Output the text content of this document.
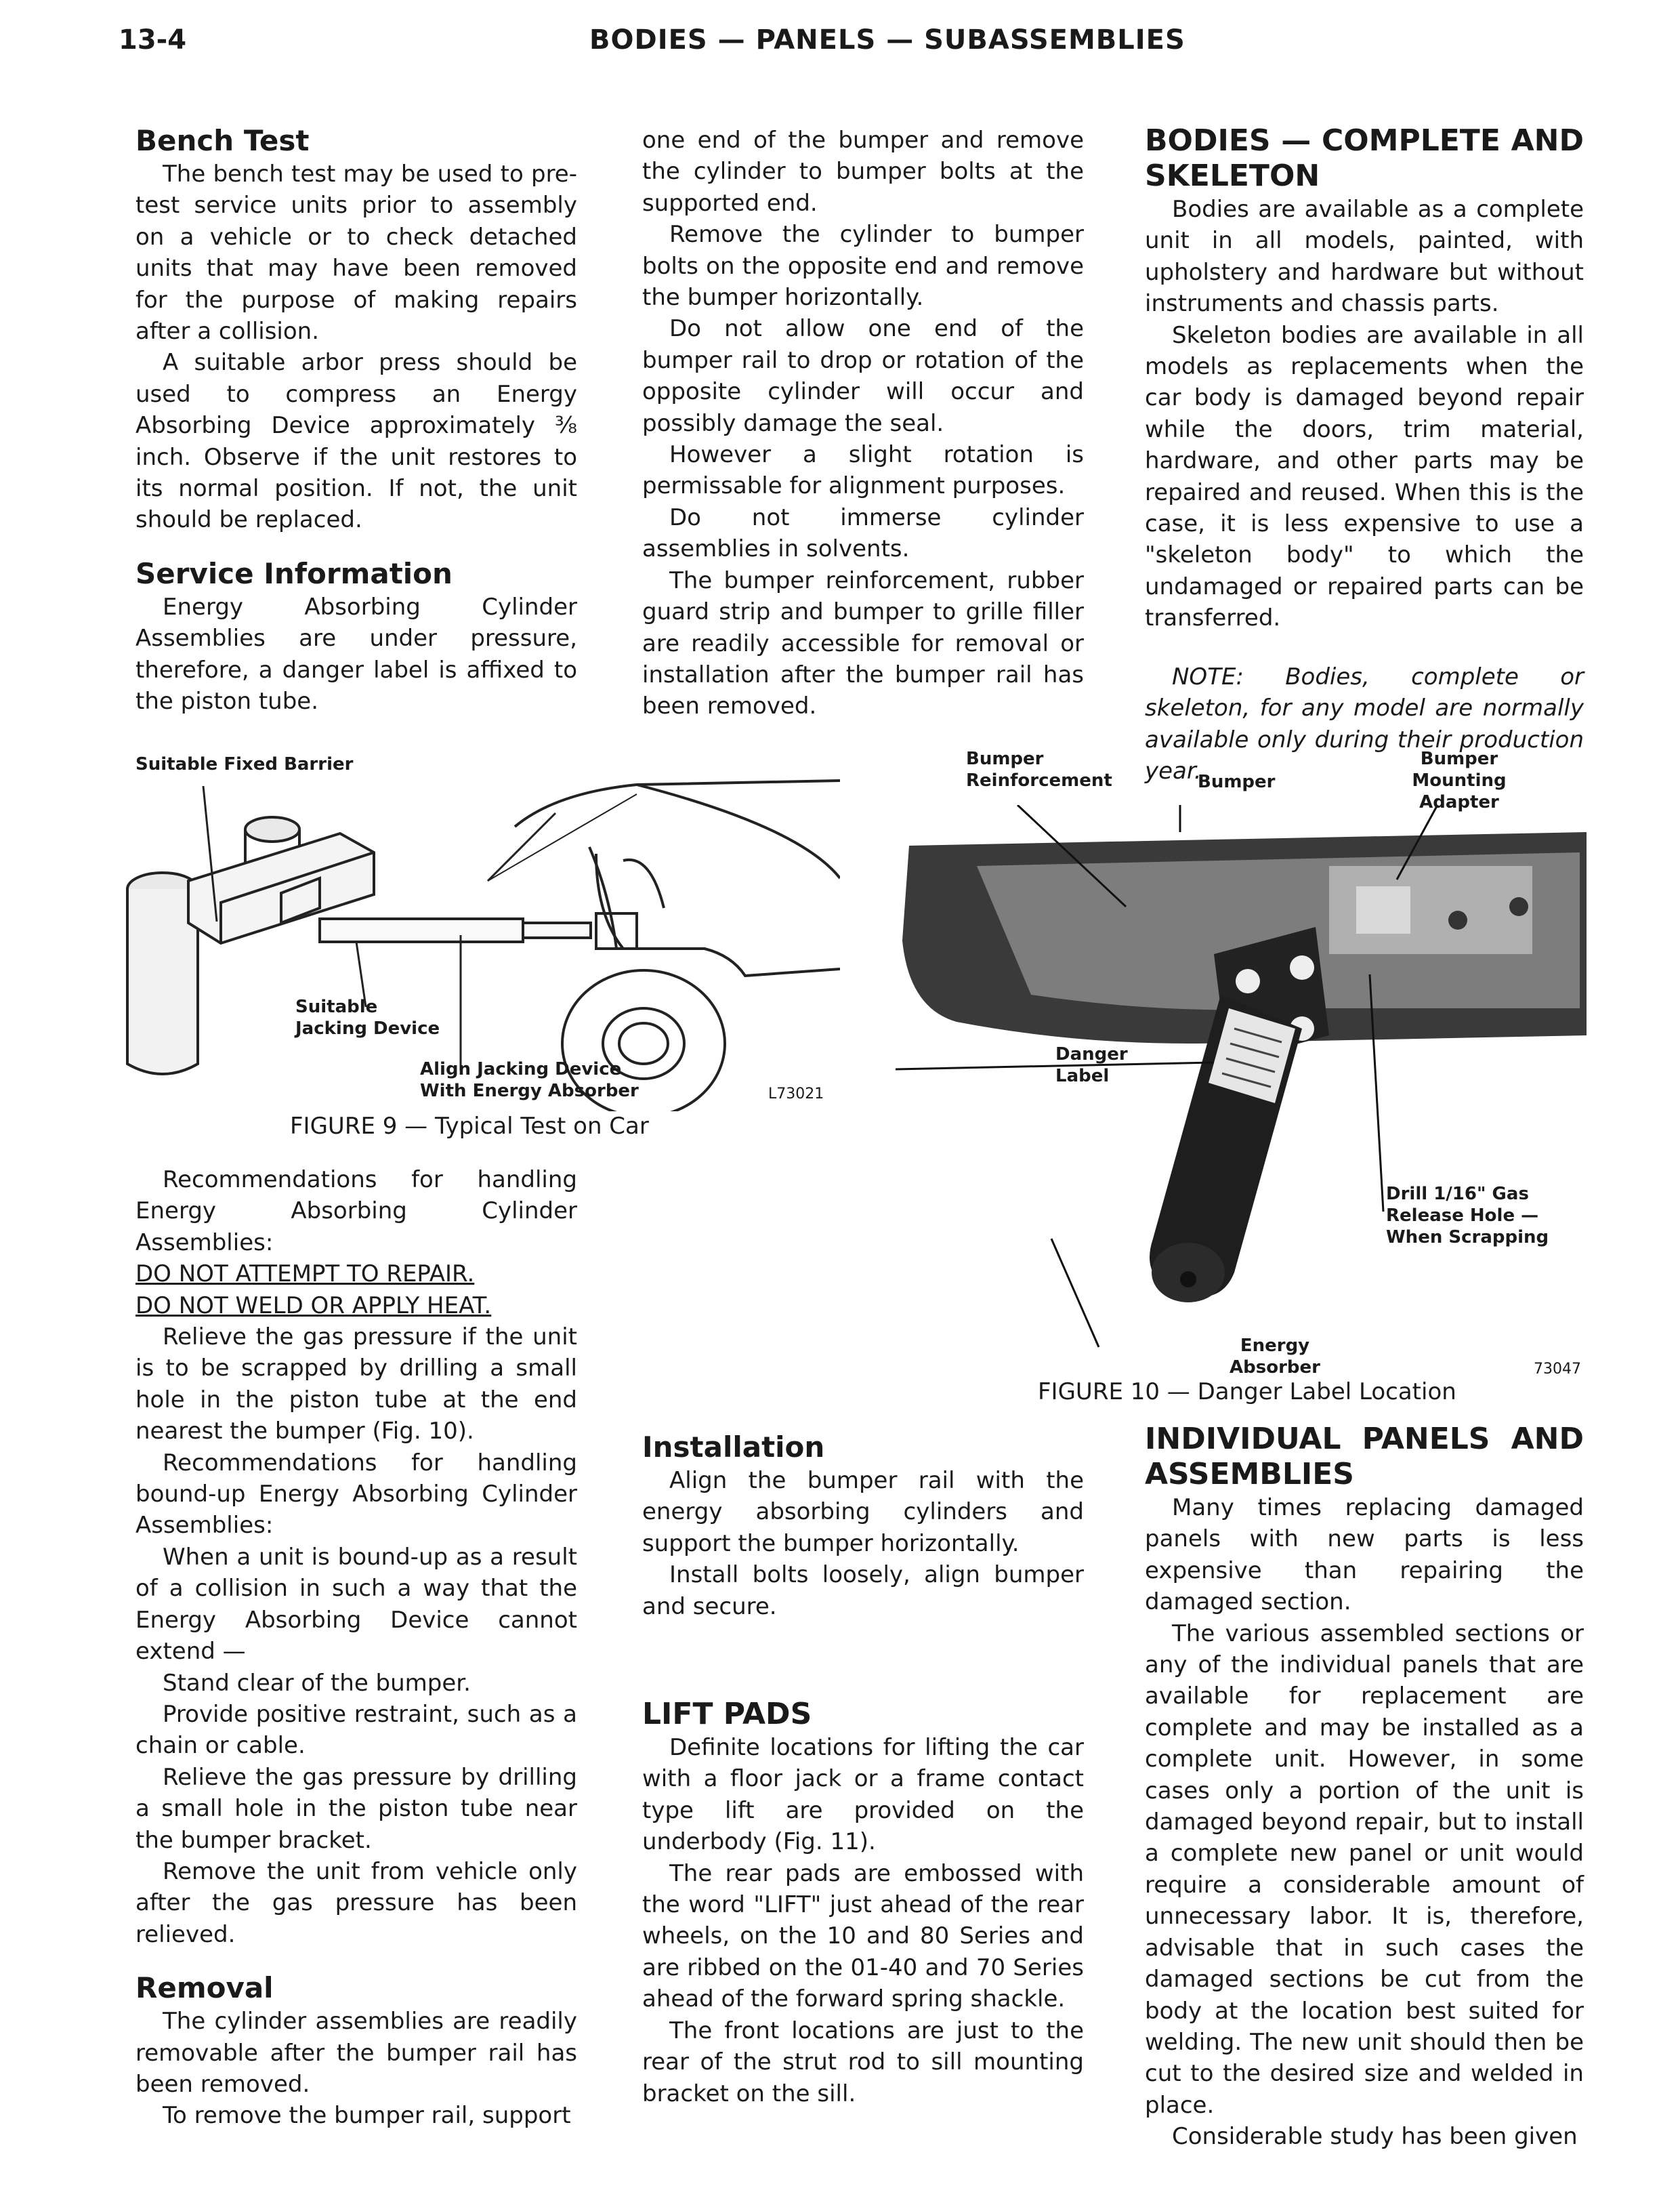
13-4	BODIES — PANELS — SUBASSEMBLIES

Bench Test

The bench test may be used to pre-test service units prior to assembly on a vehicle or to check detached units that may have been removed for the purpose of making repairs after a collision.

A suitable arbor press should be used to compress an Energy Absorbing Device approximately ⅜ inch. Observe if the unit restores to its normal position. If not, the unit should be replaced.

Service Information

Energy Absorbing Cylinder Assemblies are under pressure, therefore, a danger label is affixed to the piston tube.

one end of the bumper and remove the cylinder to bumper bolts at the supported end.

Remove the cylinder to bumper bolts on the opposite end and remove the bumper horizontally.

Do not allow one end of the bumper rail to drop or rotation of the opposite cylinder will occur and possibly damage the seal.

However a slight rotation is permissable for alignment purposes.

Do not immerse cylinder assemblies in solvents.

The bumper reinforcement, rubber guard strip and bumper to grille filler are readily accessible for removal or installation after the bumper rail has been removed.

BODIES — COMPLETE AND SKELETON

Bodies are available as a complete unit in all models, painted, with upholstery and hardware but without instruments and chassis parts.

Skeleton bodies are available in all models as replacements when the car body is damaged beyond repair while the doors, trim material, hardware, and other parts may be repaired and reused. When this is the case, it is less expensive to use a "skeleton body" to which the undamaged or repaired parts can be transferred.

NOTE: Bodies, complete or skeleton, for any model are normally available only during their production year.

Suitable Fixed Barrier
Suitable Jacking Device
Align Jacking Device With Energy Absorber	L73021
FIGURE 9 — Typical Test on Car
Bumper Reinforcement	Bumper
Bumper Mounting Adapter
Danger Label
Drill 1/16" Gas Release Hole — When Scrapping
Energy Absorber	73047
FIGURE 10 — Danger Label Location

Recommendations for handling Energy Absorbing Cylinder Assemblies:

DO NOT ATTEMPT TO REPAIR.

DO NOT WELD OR APPLY HEAT.

Relieve the gas pressure if the unit is to be scrapped by drilling a small hole in the piston tube at the end nearest the bumper (Fig. 10).

Recommendations for handling bound-up Energy Absorbing Cylinder Assemblies:

When a unit is bound-up as a result of a collision in such a way that the Energy Absorbing Device cannot extend —

Stand clear of the bumper.

Provide positive restraint, such as a chain or cable.

Relieve the gas pressure by drilling a small hole in the piston tube near the bumper bracket.

Remove the unit from vehicle only after the gas pressure has been relieved.

Removal

The cylinder assemblies are readily removable after the bumper rail has been removed.

To remove the bumper rail, support

Installation

Align the bumper rail with the energy absorbing cylinders and support the bumper horizontally.

Install bolts loosely, align bumper and secure.

LIFT PADS

Definite locations for lifting the car with a floor jack or a frame contact type lift are provided on the underbody (Fig. 11).

The rear pads are embossed with the word "LIFT" just ahead of the rear wheels, on the 10 and 80 Series and are ribbed on the 01-40 and 70 Series ahead of the forward spring shackle.

The front locations are just to the rear of the strut rod to sill mounting bracket on the sill.

INDIVIDUAL PANELS AND ASSEMBLIES

Many times replacing damaged panels with new parts is less expensive than repairing the damaged section.

The various assembled sections or any of the individual panels that are available for replacement are complete and may be installed as a complete unit. However, in some cases only a portion of the unit is damaged beyond repair, but to install a complete new panel or unit would require a considerable amount of unnecessary labor. It is, therefore, advisable that in such cases the damaged sections be cut from the body at the location best suited for welding. The new unit should then be cut to the desired size and welded in place.

Considerable study has been given
